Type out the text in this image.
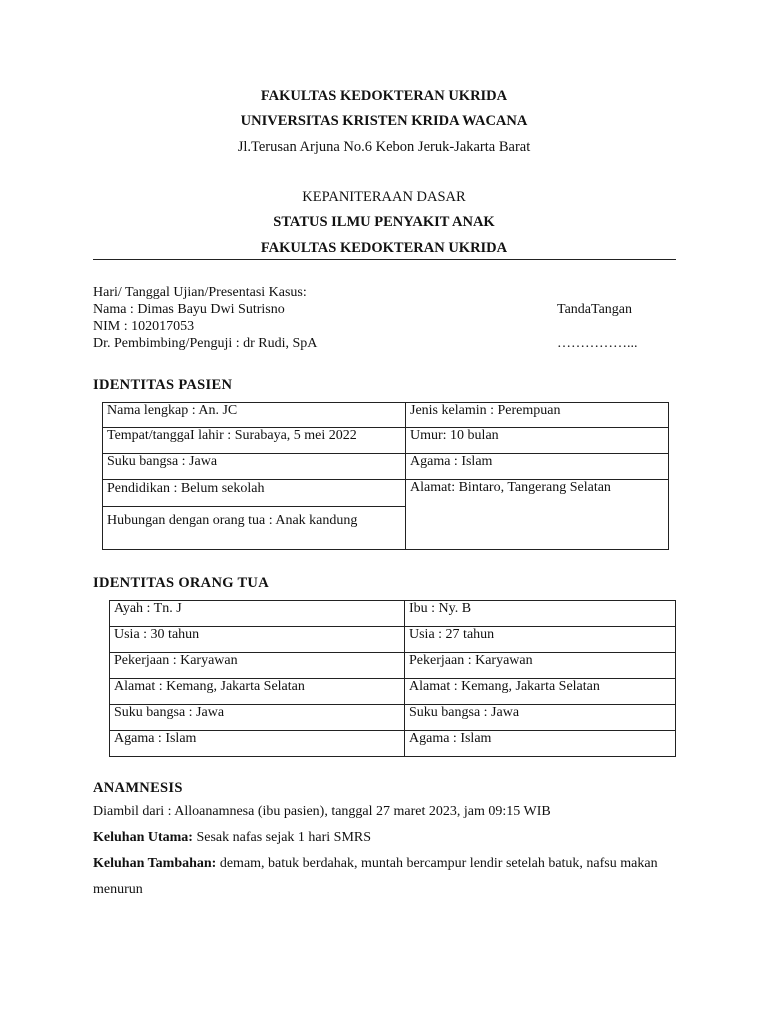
FAKULTAS KEDOKTERAN UKRIDA
UNIVERSITAS KRISTEN KRIDA WACANA
Jl.Terusan Arjuna No.6 Kebon Jeruk-Jakarta Barat
KEPANITERAAN DASAR
STATUS ILMU PENYAKIT ANAK
FAKULTAS KEDOKTERAN UKRIDA
Hari/ Tanggal Ujian/Presentasi Kasus:
Nama : Dimas Bayu Dwi Sutrisno
NIM : 102017053
Dr. Pembimbing/Penguji : dr Rudi, SpA
TandaTangan
……………...
IDENTITAS PASIEN
Nama lengkap : An. JC	Jenis kelamin : Perempuan
Tempat/tanggaI lahir : Surabaya, 5 mei 2022	Umur: 10 bulan
Suku bangsa : Jawa	Agama : Islam

Pendidikan : Belum sekolah
Hubungan dengan orang tua : Anak kandung	Alamat: Bintaro, Tangerang Selatan
IDENTITAS ORANG TUA
Ayah : Tn. J	Ibu : Ny. B
Usia : 30 tahun	Usia : 27 tahun
Pekerjaan : Karyawan	Pekerjaan : Karyawan
Alamat : Kemang, Jakarta Selatan	Alamat : Kemang, Jakarta Selatan
Suku bangsa : Jawa	Suku bangsa : Jawa
Agama : Islam	Agama : Islam
ANAMNESIS
Diambil dari : Alloanamnesa (ibu pasien), tanggal 27 maret 2023, jam 09:15 WIB
Keluhan Utama: Sesak nafas sejak 1 hari SMRS
Keluhan Tambahan: demam, batuk berdahak, muntah bercampur lendir setelah batuk, nafsu makan menurun
